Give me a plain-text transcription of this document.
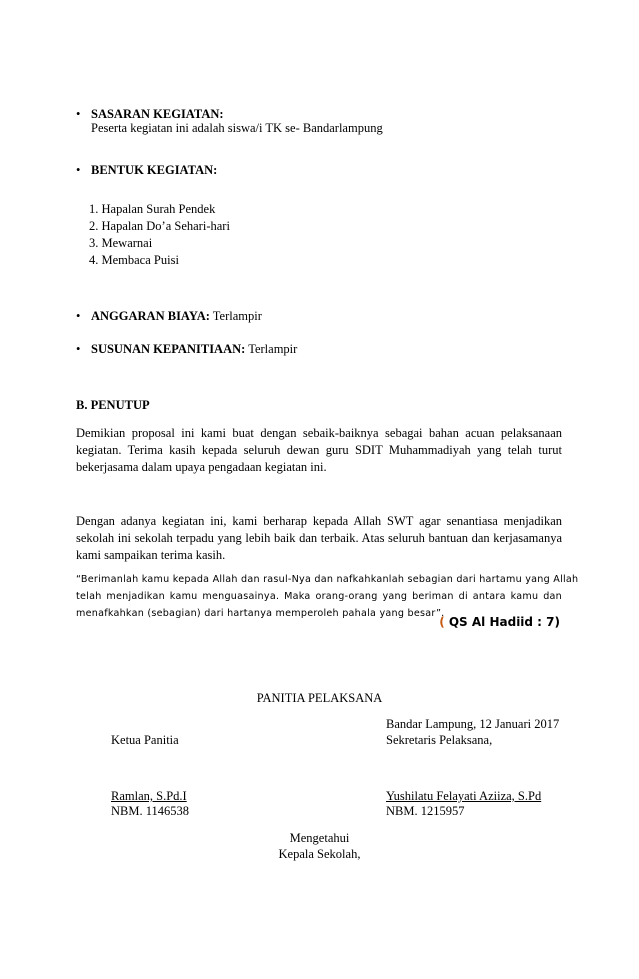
• SASARAN KEGIATAN:
Peserta kegiatan ini adalah siswa/i TK se- Bandarlampung
• BENTUK KEGIATAN:
1. Hapalan Surah Pendek
2. Hapalan Do’a Sehari-hari
3. Mewarnai
4. Membaca Puisi
• ANGGARAN BIAYA: Terlampir
• SUSUNAN KEPANITIAAN: Terlampir
B. PENUTUP
Demikian proposal ini kami buat dengan sebaik-baiknya sebagai bahan acuan pelaksanaan
kegiatan. Terima kasih kepada seluruh dewan guru SDIT Muhammadiyah yang telah turut
bekerjasama dalam upaya pengadaan kegiatan ini.
Dengan adanya kegiatan ini, kami berharap kepada Allah SWT agar senantiasa menjadikan
sekolah ini sekolah terpadu yang lebih baik dan terbaik. Atas seluruh bantuan dan kerjasamanya
kami sampaikan terima kasih.
“Berimanlah kamu kepada Allah dan rasul-Nya dan nafkahkanlah sebagian dari hartamu yang Allah
telah menjadikan kamu menguasainya. Maka orang-orang yang beriman di antara kamu dan
menafkahkan (sebagian) dari hartanya memperoleh pahala yang besar”.
( QS Al Hadiid : 7)
PANITIA PELAKSANA
Bandar Lampung, 12 Januari 2017
Ketua Panitia	Sekretaris Pelaksana,
Ramlan, S.Pd.I
NBM. 1146538
Yushilatu Felayati Aziiza, S.Pd
NBM. 1215957
Mengetahui
Kepala Sekolah,
